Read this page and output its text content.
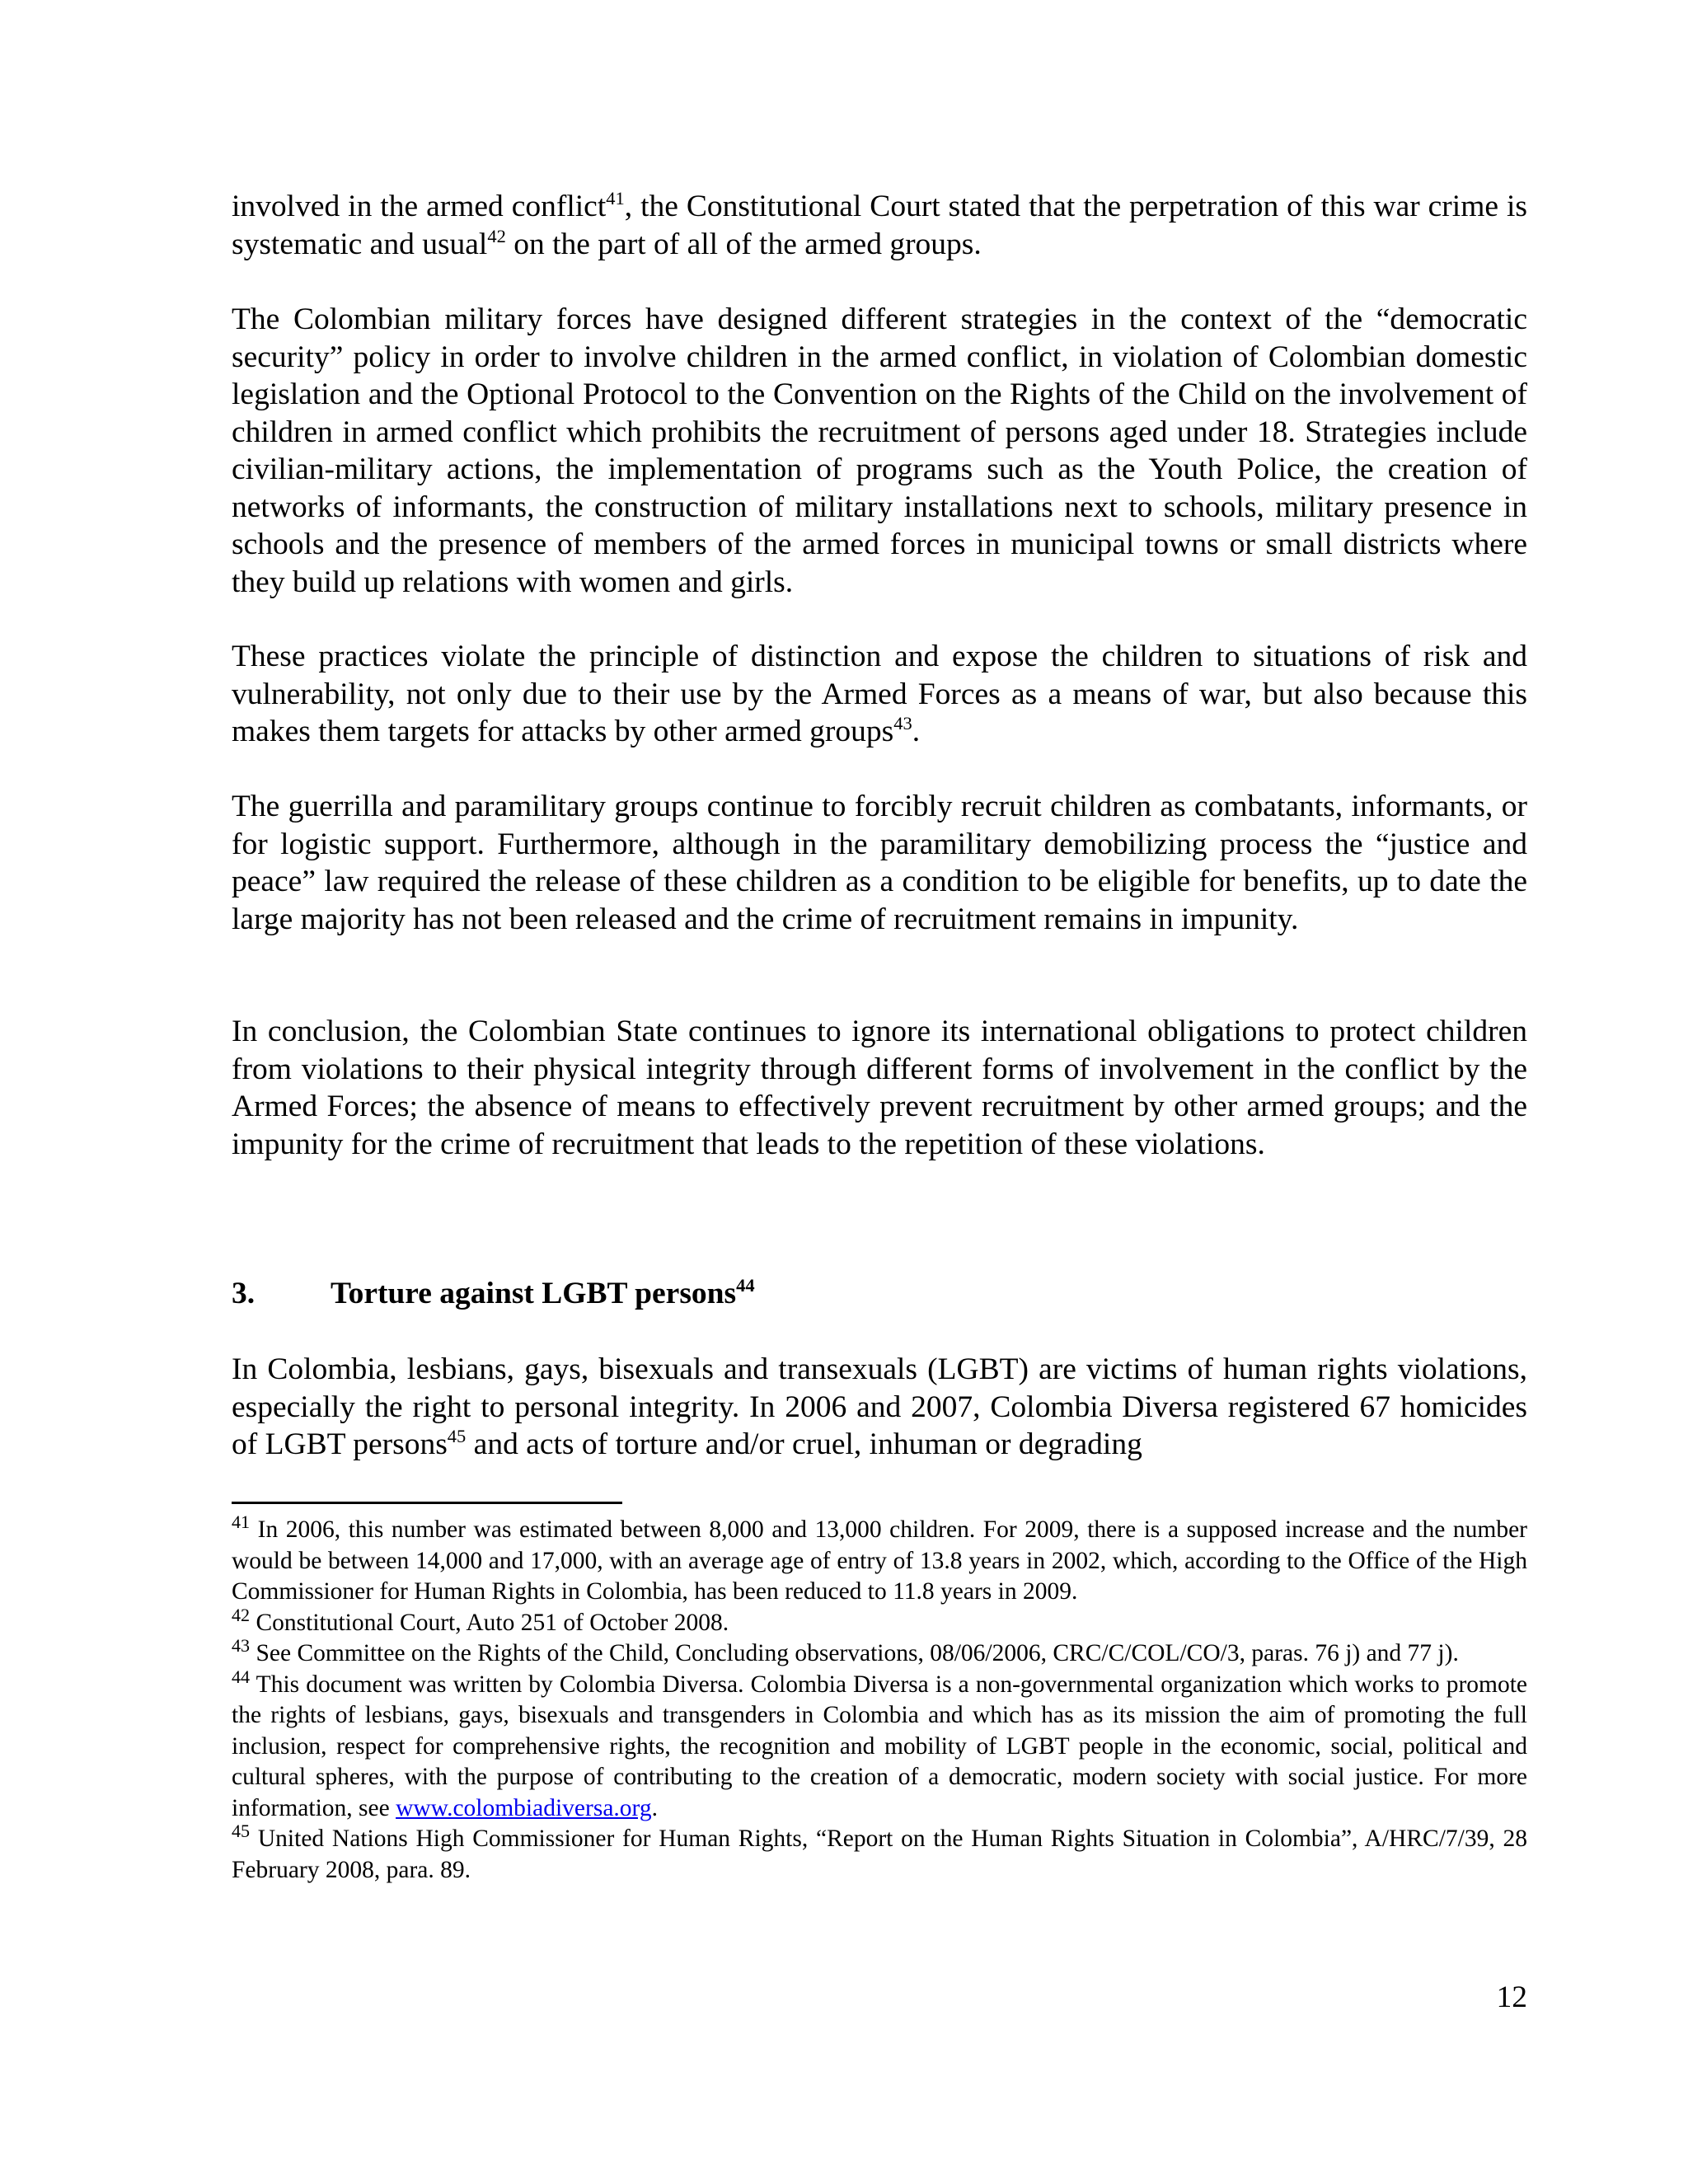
involved in the armed conflict$^{41}$, the Constitutional Court stated that the perpetration of this war crime is systematic and usual$^{42}$ on the part of all of the armed groups.

The Colombian military forces have designed different strategies in the context of the “democratic security” policy in order to involve children in the armed conflict, in violation of Colombian domestic legislation and the Optional Protocol to the Convention on the Rights of the Child on the involvement of children in armed conflict which prohibits the recruitment of persons aged under 18. Strategies include civilian-military actions, the implementation of programs such as the Youth Police, the creation of networks of informants, the construction of military installations next to schools, military presence in schools and the presence of members of the armed forces in municipal towns or small districts where they build up relations with women and girls.

These practices violate the principle of distinction and expose the children to situations of risk and vulnerability, not only due to their use by the Armed Forces as a means of war, but also because this makes them targets for attacks by other armed groups$^{43}$.

The guerrilla and paramilitary groups continue to forcibly recruit children as combatants, informants, or for logistic support. Furthermore, although in the paramilitary demobilizing process the “justice and peace” law required the release of these children as a condition to be eligible for benefits, up to date the large majority has not been released and the crime of recruitment remains in impunity.

In conclusion, the Colombian State continues to ignore its international obligations to protect children from violations to their physical integrity through different forms of involvement in the conflict by the Armed Forces; the absence of means to effectively prevent recruitment by other armed groups; and the impunity for the crime of recruitment that leads to the repetition of these violations.

3. Torture against LGBT persons$^{44}$

In Colombia, lesbians, gays, bisexuals and transexuals (LGBT) are victims of human rights violations, especially the right to personal integrity. In 2006 and 2007, Colombia Diversa registered 67 homicides of LGBT persons$^{45}$ and acts of torture and/or cruel, inhuman or degrading

$^{41}$ In 2006, this number was estimated between 8,000 and 13,000 children. For 2009, there is a supposed increase and the number would be between 14,000 and 17,000, with an average age of entry of 13.8 years in 2002, which, according to the Office of the High Commissioner for Human Rights in Colombia, has been reduced to 11.8 years in 2009.

$^{42}$ Constitutional Court, Auto 251 of October 2008.

$^{43}$ See Committee on the Rights of the Child, Concluding observations, 08/06/2006, CRC/C/COL/CO/3, paras. 76 j) and 77 j).

$^{44}$ This document was written by Colombia Diversa. Colombia Diversa is a non-governmental organization which works to promote the rights of lesbians, gays, bisexuals and transgenders in Colombia and which has as its mission the aim of promoting the full inclusion, respect for comprehensive rights, the recognition and mobility of LGBT people in the economic, social, political and cultural spheres, with the purpose of contributing to the creation of a democratic, modern society with social justice. For more information, see www.colombiadiversa.org.

$^{45}$ United Nations High Commissioner for Human Rights, “Report on the Human Rights Situation in Colombia”, A/HRC/7/39, 28 February 2008, para. 89.

12
